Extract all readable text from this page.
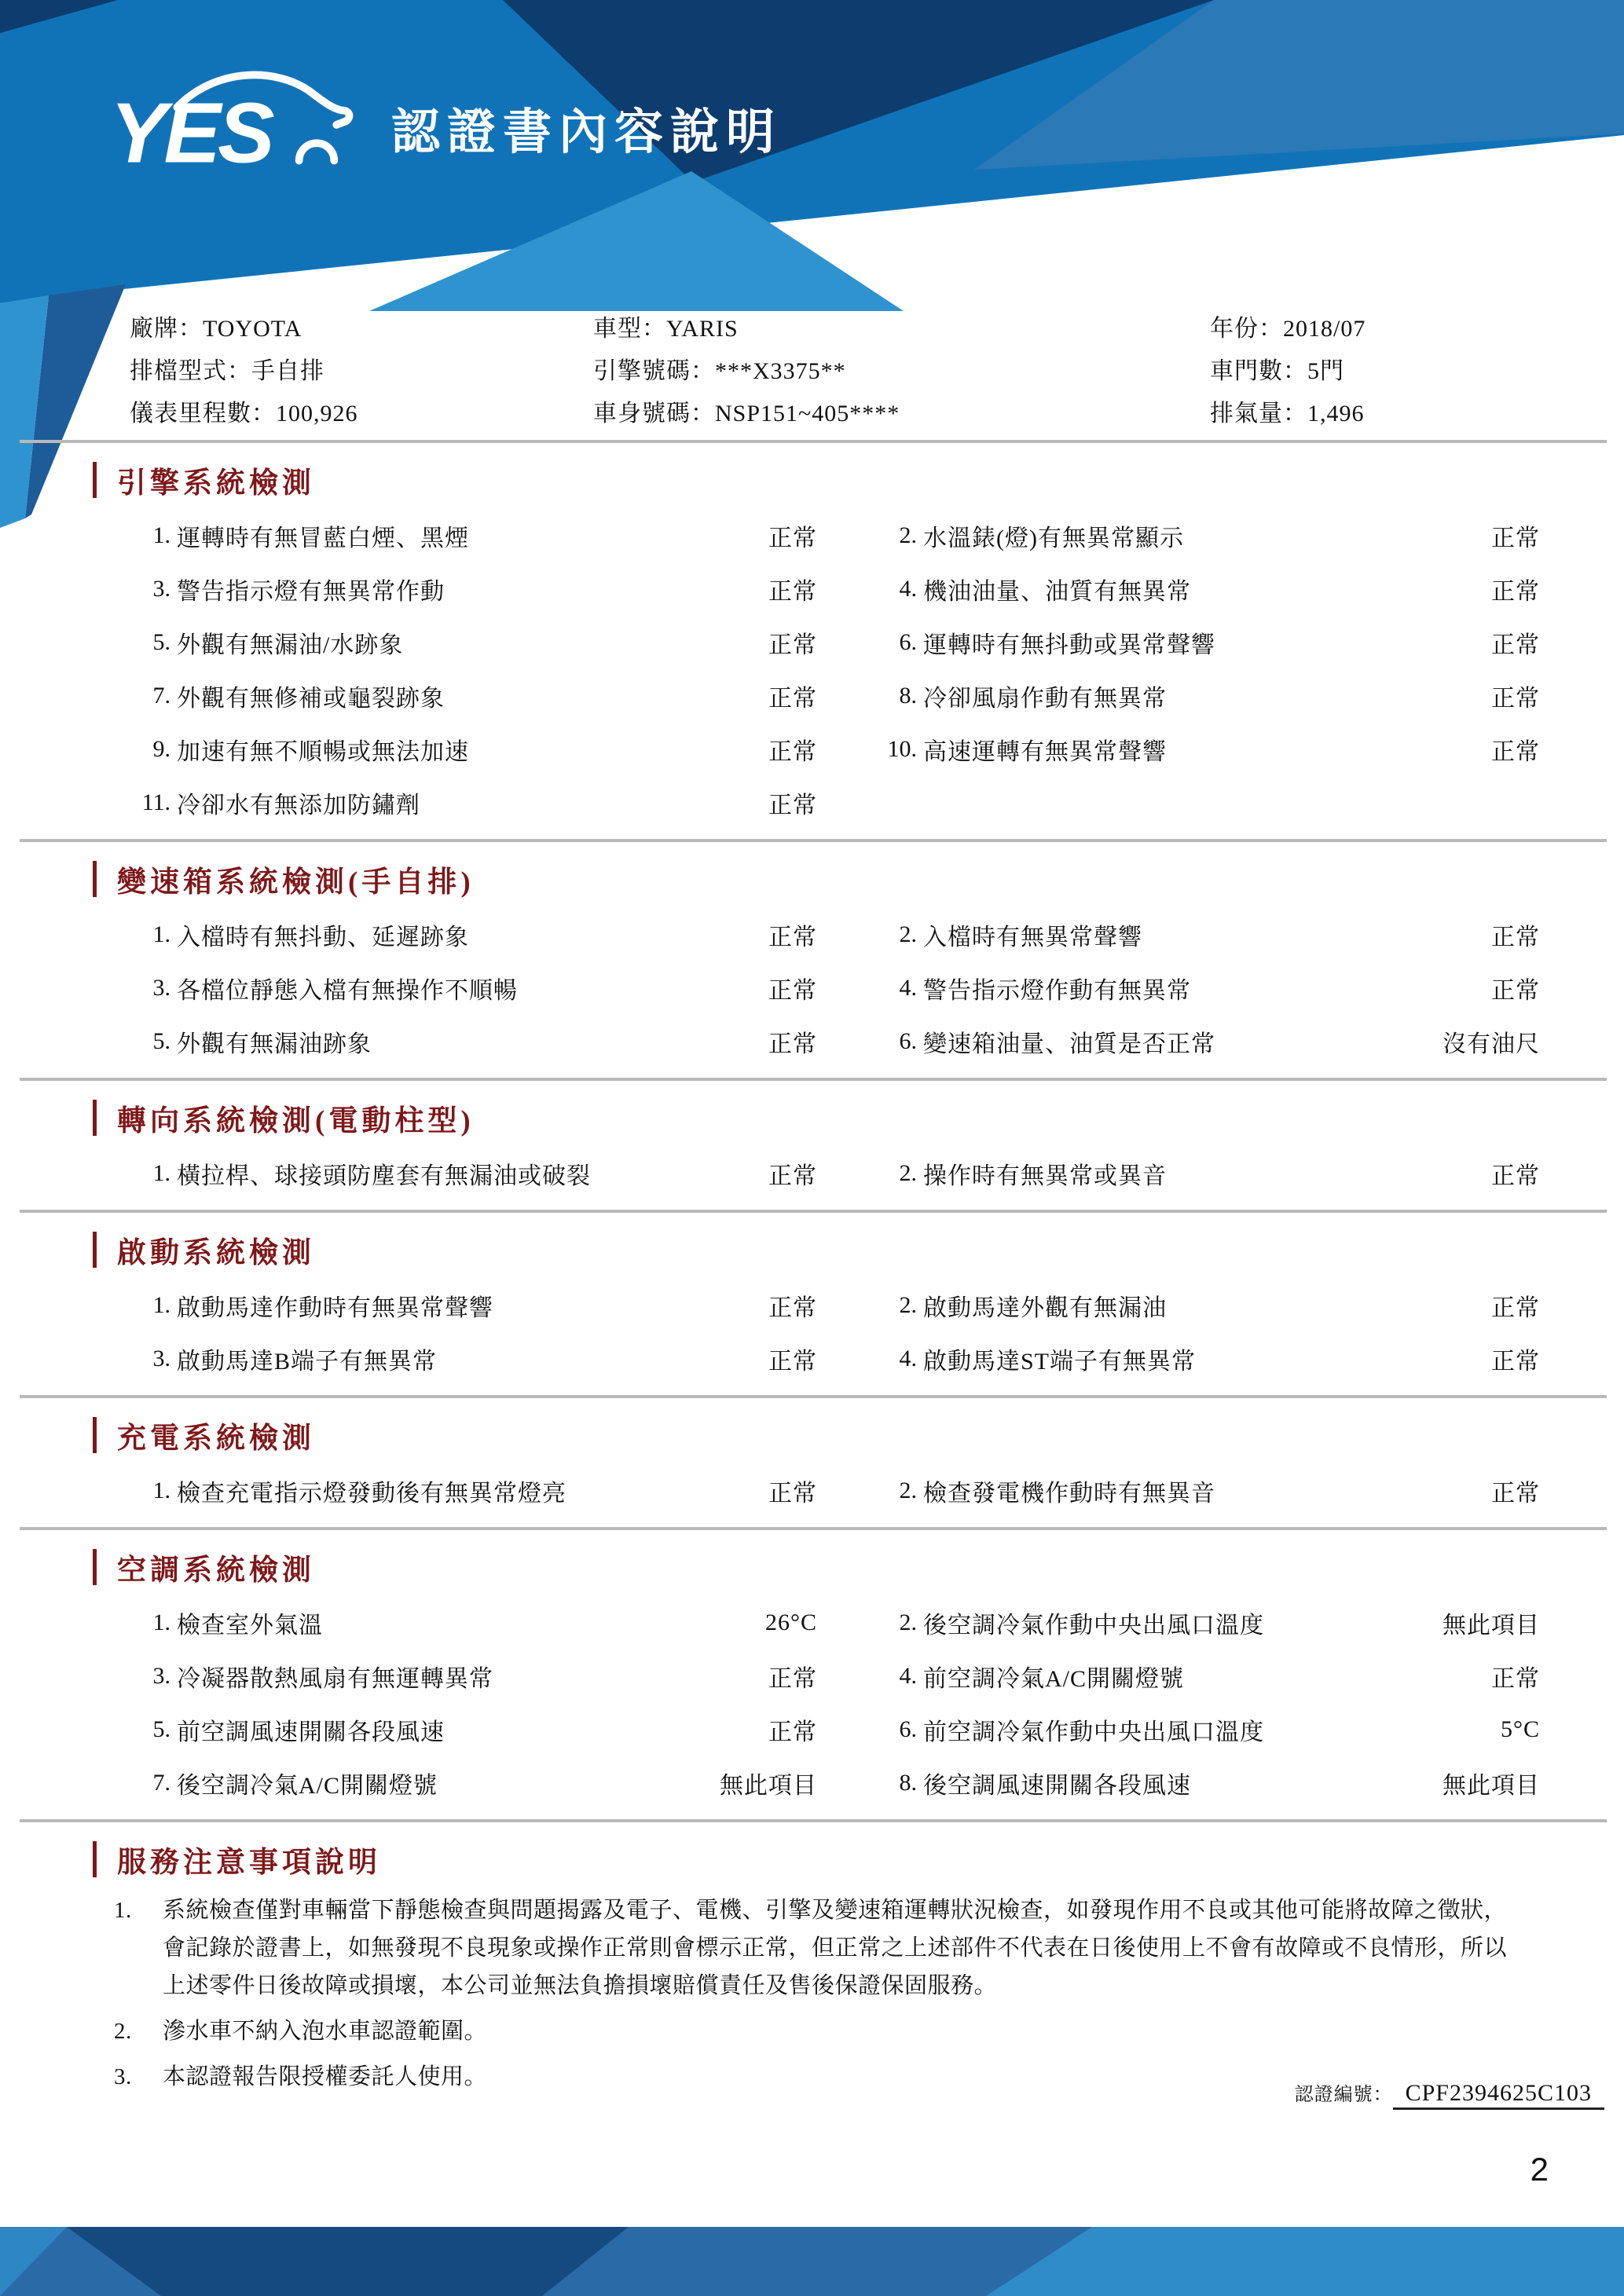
YES 認證書內容說明
廠牌：TOYOTA	車型：YARIS	年份：2018/07
排檔型式：手自排	引擎號碼：***X3375**	車門數：5門
儀表里程數：100,926	車身號碼：NSP151~405****	排氣量：1,496
引擎系統檢測
1. 運轉時有無冒藍白煙、黑煙	正常	2. 水溫錶(燈)有無異常顯示	正常
3. 警告指示燈有無異常作動	正常	4. 機油油量、油質有無異常	正常
5. 外觀有無漏油/水跡象	正常	6. 運轉時有無抖動或異常聲響	正常
7. 外觀有無修補或龜裂跡象	正常	8. 冷卻風扇作動有無異常	正常
9. 加速有無不順暢或無法加速	正常	10. 高速運轉有無異常聲響	正常
11. 冷卻水有無添加防鏽劑	正常
變速箱系統檢測(手自排)
1. 入檔時有無抖動、延遲跡象	正常	2. 入檔時有無異常聲響	正常
3. 各檔位靜態入檔有無操作不順暢	正常	4. 警告指示燈作動有無異常	正常
5. 外觀有無漏油跡象	正常	6. 變速箱油量、油質是否正常	沒有油尺
轉向系統檢測(電動柱型)
1. 橫拉桿、球接頭防塵套有無漏油或破裂	正常	2. 操作時有無異常或異音	正常
啟動系統檢測
1. 啟動馬達作動時有無異常聲響	正常	2. 啟動馬達外觀有無漏油	正常
3. 啟動馬達B端子有無異常	正常	4. 啟動馬達ST端子有無異常	正常
充電系統檢測
1. 檢查充電指示燈發動後有無異常燈亮	正常	2. 檢查發電機作動時有無異音	正常
空調系統檢測
1. 檢查室外氣溫	26°C	2. 後空調冷氣作動中央出風口溫度	無此項目
3. 冷凝器散熱風扇有無運轉異常	正常	4. 前空調冷氣A/C開關燈號	正常
5. 前空調風速開關各段風速	正常	6. 前空調冷氣作動中央出風口溫度	5°C
7. 後空調冷氣A/C開關燈號	無此項目	8. 後空調風速開關各段風速	無此項目
服務注意事項說明
1.	系統檢查僅對車輛當下靜態檢查與問題揭露及電子、電機、引擎及變速箱運轉狀況檢查，如發現作用不良或其他可能將故障之徵狀，會記錄於證書上，如無發現不良現象或操作正常則會標示正常，但正常之上述部件不代表在日後使用上不會有故障或不良情形，所以上述零件日後故障或損壞，本公司並無法負擔損壞賠償責任及售後保證保固服務。
2.	滲水車不納入泡水車認證範圍。
3.	本認證報告限授權委託人使用。
認證編號： CPF2394625C103
2
